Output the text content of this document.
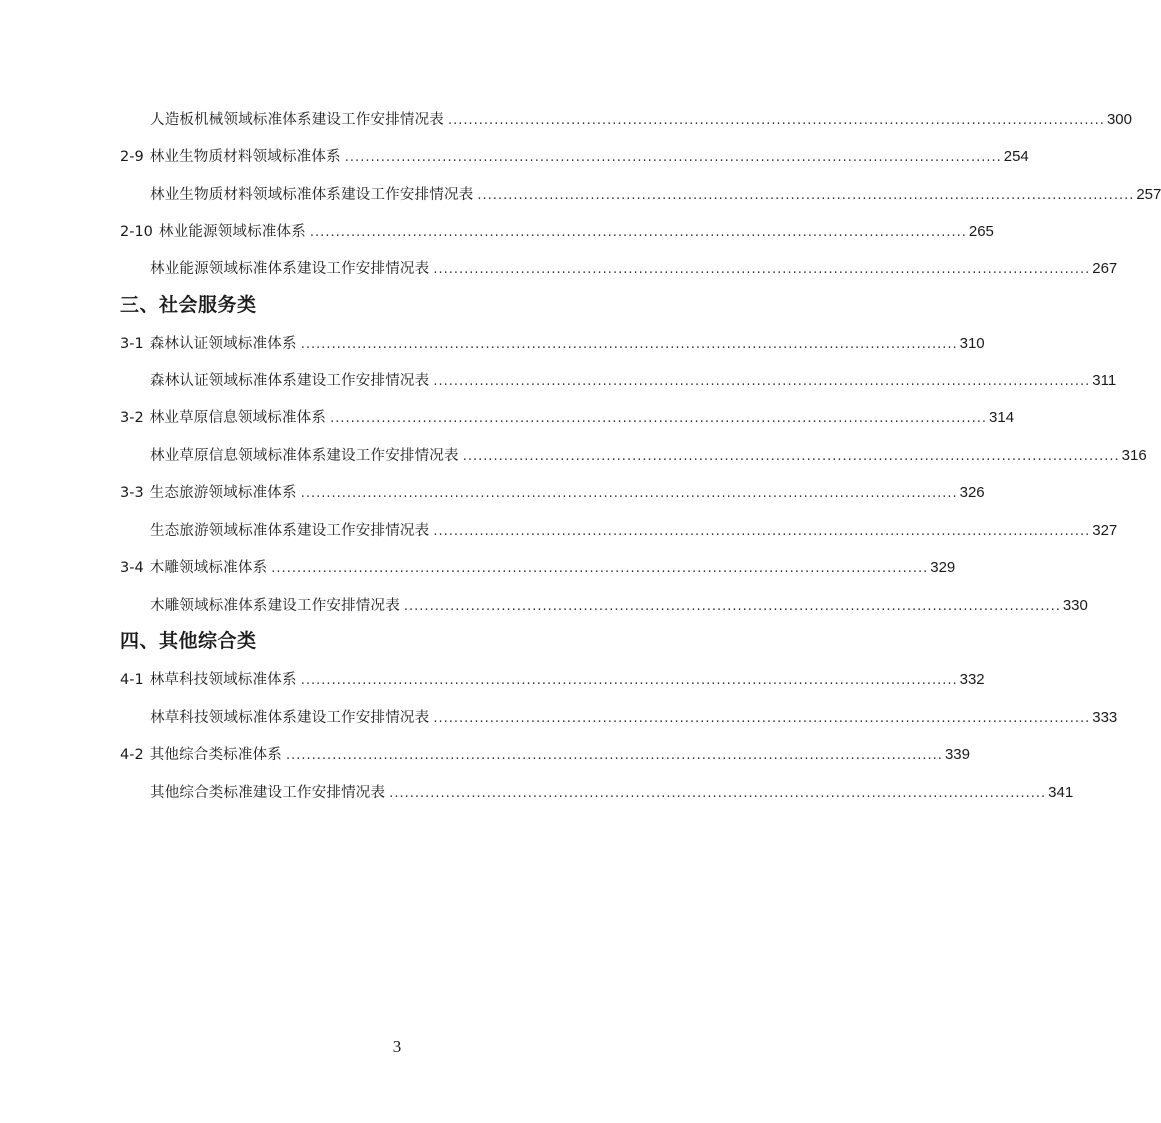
人造板机械领域标准体系建设工作安排情况表 ................................................................................................................................ 300
2-9 林业生物质材料领域标准体系 ................................................................................................................................ 254
林业生物质材料领域标准体系建设工作安排情况表 ................................................................................................................................ 257
2-10 林业能源领域标准体系 ................................................................................................................................ 265
林业能源领域标准体系建设工作安排情况表 ................................................................................................................................ 267
三、社会服务类
3-1 森林认证领域标准体系 ................................................................................................................................ 310
森林认证领域标准体系建设工作安排情况表 ................................................................................................................................ 311
3-2 林业草原信息领域标准体系 ................................................................................................................................ 314
林业草原信息领域标准体系建设工作安排情况表 ................................................................................................................................ 316
3-3 生态旅游领域标准体系 ................................................................................................................................ 326
生态旅游领域标准体系建设工作安排情况表 ................................................................................................................................ 327
3-4 木雕领域标准体系 ................................................................................................................................ 329
木雕领域标准体系建设工作安排情况表 ................................................................................................................................ 330
四、其他综合类
4-1 林草科技领域标准体系 ................................................................................................................................ 332
林草科技领域标准体系建设工作安排情况表 ................................................................................................................................ 333
4-2 其他综合类标准体系 ................................................................................................................................ 339
其他综合类标准建设工作安排情况表 ................................................................................................................................ 341
3
